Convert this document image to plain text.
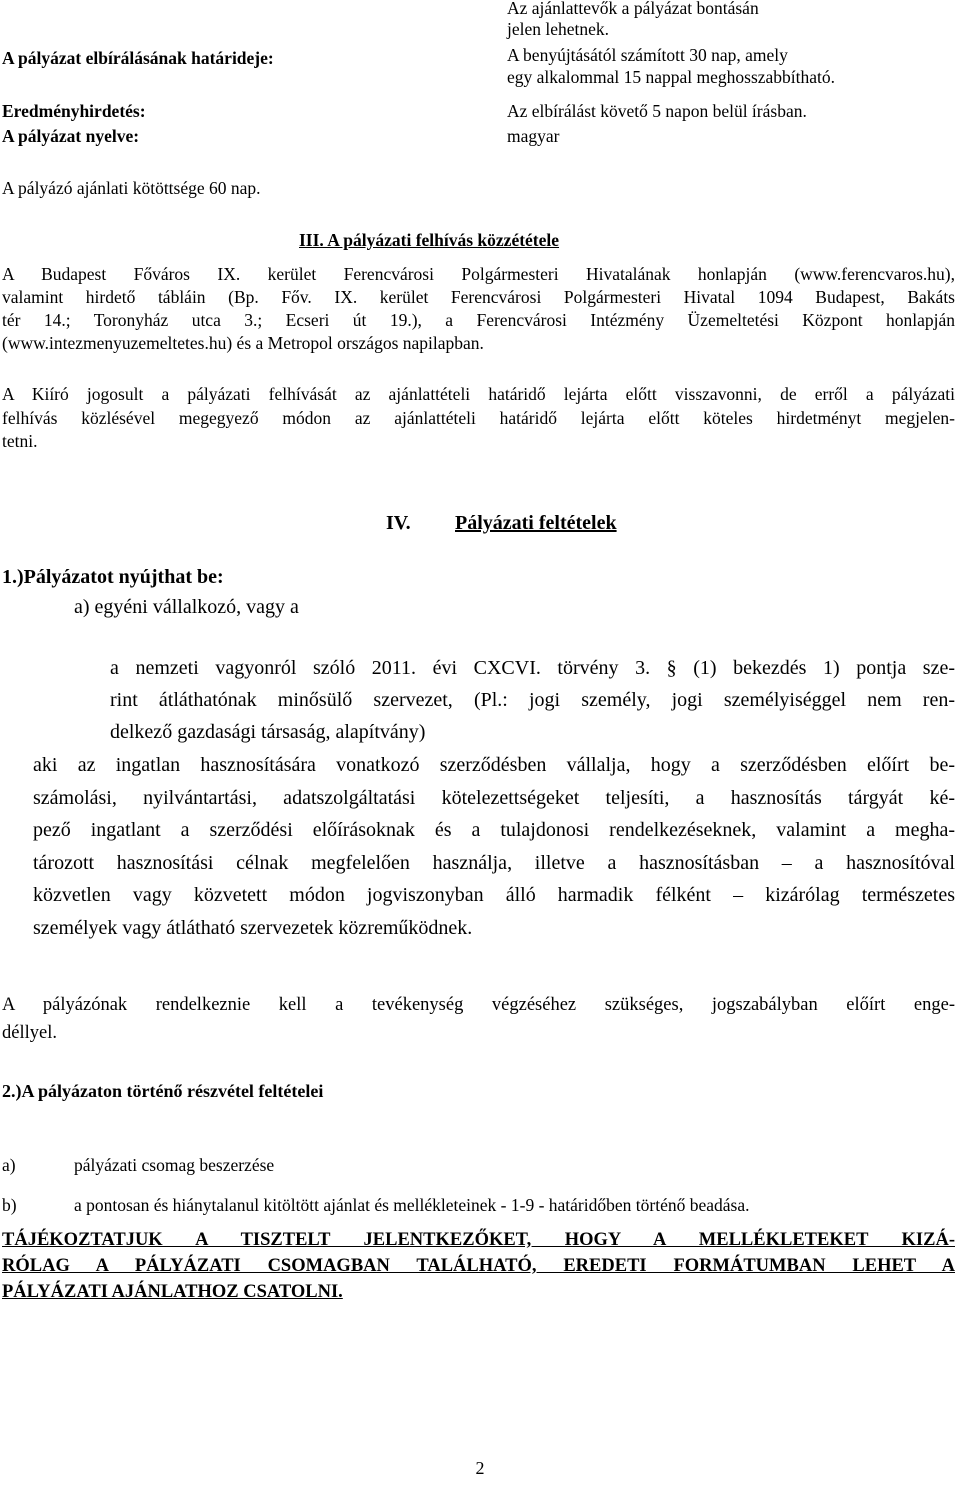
Az ajánlattevők a pályázat bontásán
jelen lehetnek.
A pályázat elbírálásának határideje:	A benyújtásától számított 30 nap, amely
egy alkalommal 15 nappal meghosszabbítható.
Eredményhirdetés:	Az elbírálást követő 5 napon belül írásban.
A pályázat nyelve:	magyar
A pályázó ajánlati kötöttsége 60 nap.
III. A pályázati felhívás közzététele
A Budapest Főváros IX. kerület Ferencvárosi Polgármesteri Hivatalának honlapján (www.ferencvaros.hu),
valamint hirdető tábláin (Bp. Főv. IX. kerület Ferencvárosi Polgármesteri Hivatal 1094 Budapest, Bakáts
tér 14.; Toronyház utca 3.; Ecseri út 19.), a Ferencvárosi Intézmény Üzemeltetési Központ honlapján
(www.intezmenyuzemeltetes.hu) és a Metropol országos napilapban.
A Kiíró jogosult a pályázati felhívását az ajánlattételi határidő lejárta előtt visszavonni, de erről a pályázati
felhívás közlésével megegyező módon az ajánlattételi határidő lejárta előtt köteles hirdetményt megjelen-
tetni.
IV. Pályázati feltételek
1.)Pályázatot nyújthat be:
a) egyéni vállalkozó, vagy a
a nemzeti vagyonról szóló 2011. évi CXCVI. törvény 3. § (1) bekezdés 1) pontja sze-
rint átláthatónak minősülő szervezet, (Pl.: jogi személy, jogi személyiséggel nem ren-
delkező gazdasági társaság, alapítvány)
aki az ingatlan hasznosítására vonatkozó szerződésben vállalja, hogy a szerződésben előírt be-
számolási, nyilvántartási, adatszolgáltatási kötelezettségeket teljesíti, a hasznosítás tárgyát ké-
pező ingatlant a szerződési előírásoknak és a tulajdonosi rendelkezéseknek, valamint a megha-
tározott hasznosítási célnak megfelelően használja, illetve a hasznosításban – a hasznosítóval
közvetlen vagy közvetett módon jogviszonyban álló harmadik félként – kizárólag természetes
személyek vagy átlátható szervezetek közreműködnek.
A pályázónak rendelkeznie kell a tevékenység végzéséhez szükséges, jogszabályban előírt enge-
déllyel.
2.)A pályázaton történő részvétel feltételei
a)	pályázati csomag beszerzése
b)	a pontosan és hiánytalanul kitöltött ajánlat és mellékleteinek - 1-9 - határidőben történő beadása.
TÁJÉKOZTATJUK A TISZTELT JELENTKEZŐKET, HOGY A MELLÉKLETEKET KIZÁ-
RÓLAG A PÁLYÁZATI CSOMAGBAN TALÁLHATÓ, EREDETI FORMÁTUMBAN LEHET A
PÁLYÁZATI AJÁNLATHOZ CSATOLNI.
2
